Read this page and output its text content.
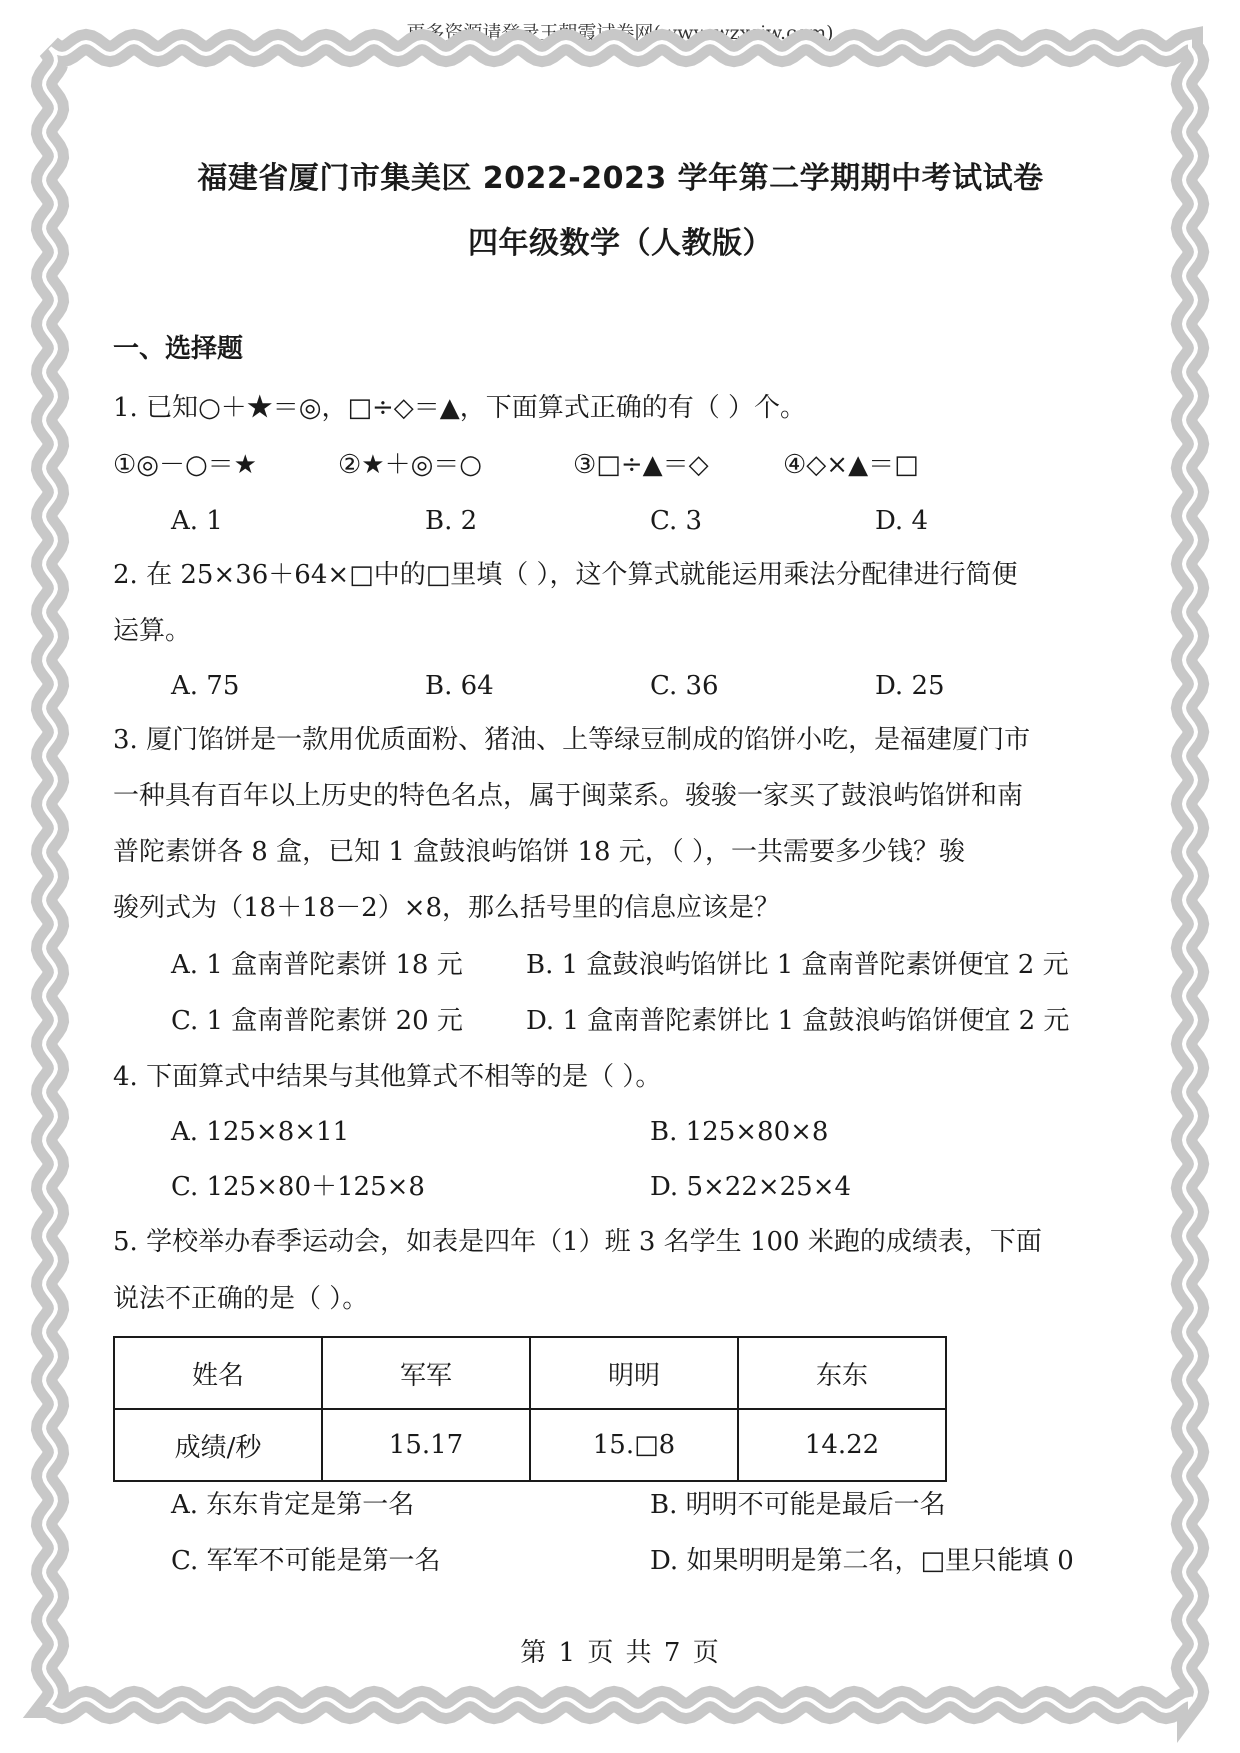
更多资源请登录王朝霞试卷网(www.wzxsjw.com)
福建省厦门市集美区 2022-2023 学年第二学期期中考试试卷
四年级数学（人教版）
一、选择题
1. 已知○＋★＝◎，□÷◇＝▲，下面算式正确的有（ ）个。
①◎－○＝★	②★＋◎＝○	③□÷▲＝◇	④◇×▲＝□
A. 1	B. 2	C. 3	D. 4
2. 在 25×36＋64×□中的□里填（ ），这个算式就能运用乘法分配律进行简便
运算。
A. 75	B. 64	C. 36	D. 25
3. 厦门馅饼是一款用优质面粉、猪油、上等绿豆制成的馅饼小吃，是福建厦门市
一种具有百年以上历史的特色名点，属于闽菜系。骏骏一家买了鼓浪屿馅饼和南
普陀素饼各 8 盒，已知 1 盒鼓浪屿馅饼 18 元，（ ），一共需要多少钱？骏
骏列式为（18＋18－2）×8，那么括号里的信息应该是？
A. 1 盒南普陀素饼 18 元 B. 1 盒鼓浪屿馅饼比 1 盒南普陀素饼便宜 2 元
C. 1 盒南普陀素饼 20 元 D. 1 盒南普陀素饼比 1 盒鼓浪屿馅饼便宜 2 元
4. 下面算式中结果与其他算式不相等的是（ ）。
A. 125×8×11	B. 125×80×8
C. 125×80＋125×8	D. 5×22×25×4
5. 学校举办春季运动会，如表是四年（1）班 3 名学生 100 米跑的成绩表，下面
说法不正确的是（ ）。
姓名	军军	明明	东东
成绩/秒	15.17	15.□8	14.22
A. 东东肯定是第一名	B. 明明不可能是最后一名
C. 军军不可能是第一名	D. 如果明明是第二名，□里只能填 0
第 1 页 共 7 页
